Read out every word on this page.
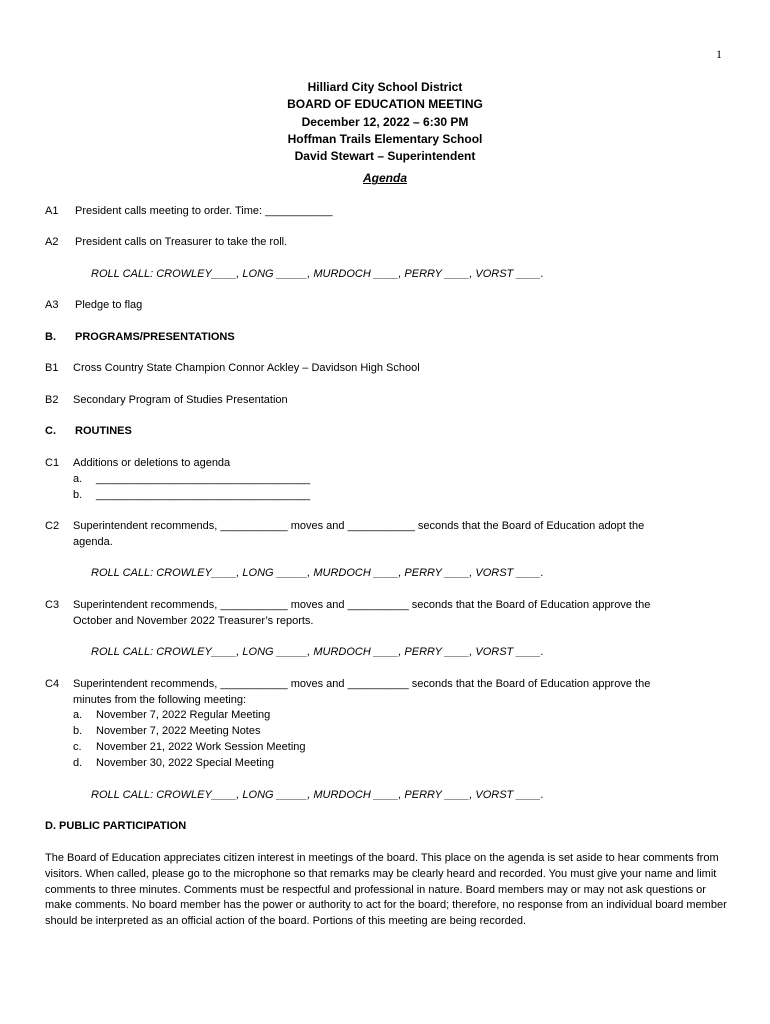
1
Hilliard City School District
BOARD OF EDUCATION MEETING
December 12, 2022 – 6:30 PM
Hoffman Trails Elementary School
David Stewart – Superintendent
Agenda
A1 President calls meeting to order. Time: ___________
A2 President calls on Treasurer to take the roll.
ROLL CALL: CROWLEY____, LONG _____, MURDOCH ____, PERRY ____, VORST ____.
A3 Pledge to flag
B. PROGRAMS/PRESENTATIONS
B1 Cross Country State Champion Connor Ackley – Davidson High School
B2 Secondary Program of Studies Presentation
C. ROUTINES
C1 Additions or deletions to agenda
a. ___________________________________
b. ___________________________________
C2 Superintendent recommends, ___________ moves and ___________ seconds that the Board of Education adopt the
agenda.
ROLL CALL: CROWLEY____, LONG _____, MURDOCH ____, PERRY ____, VORST ____.
C3 Superintendent recommends, ___________ moves and __________ seconds that the Board of Education approve the
October and November 2022 Treasurer’s reports.
ROLL CALL: CROWLEY____, LONG _____, MURDOCH ____, PERRY ____, VORST ____.
C4 Superintendent recommends, ___________ moves and __________ seconds that the Board of Education approve the
minutes from the following meeting:
a. November 7, 2022 Regular Meeting
b. November 7, 2022 Meeting Notes
c. November 21, 2022 Work Session Meeting
d. November 30, 2022 Special Meeting
ROLL CALL: CROWLEY____, LONG _____, MURDOCH ____, PERRY ____, VORST ____.
D. PUBLIC PARTICIPATION
The Board of Education appreciates citizen interest in meetings of the board. This place on the agenda is set aside to hear comments from visitors. When called, please go to the microphone so that remarks may be clearly heard and recorded. You must give your name and limit comments to three minutes. Comments must be respectful and professional in nature. Board members may or may not ask questions or make comments. No board member has the power or authority to act for the board; therefore, no response from an individual board member should be interpreted as an official action of the board. Portions of this meeting are being recorded.
